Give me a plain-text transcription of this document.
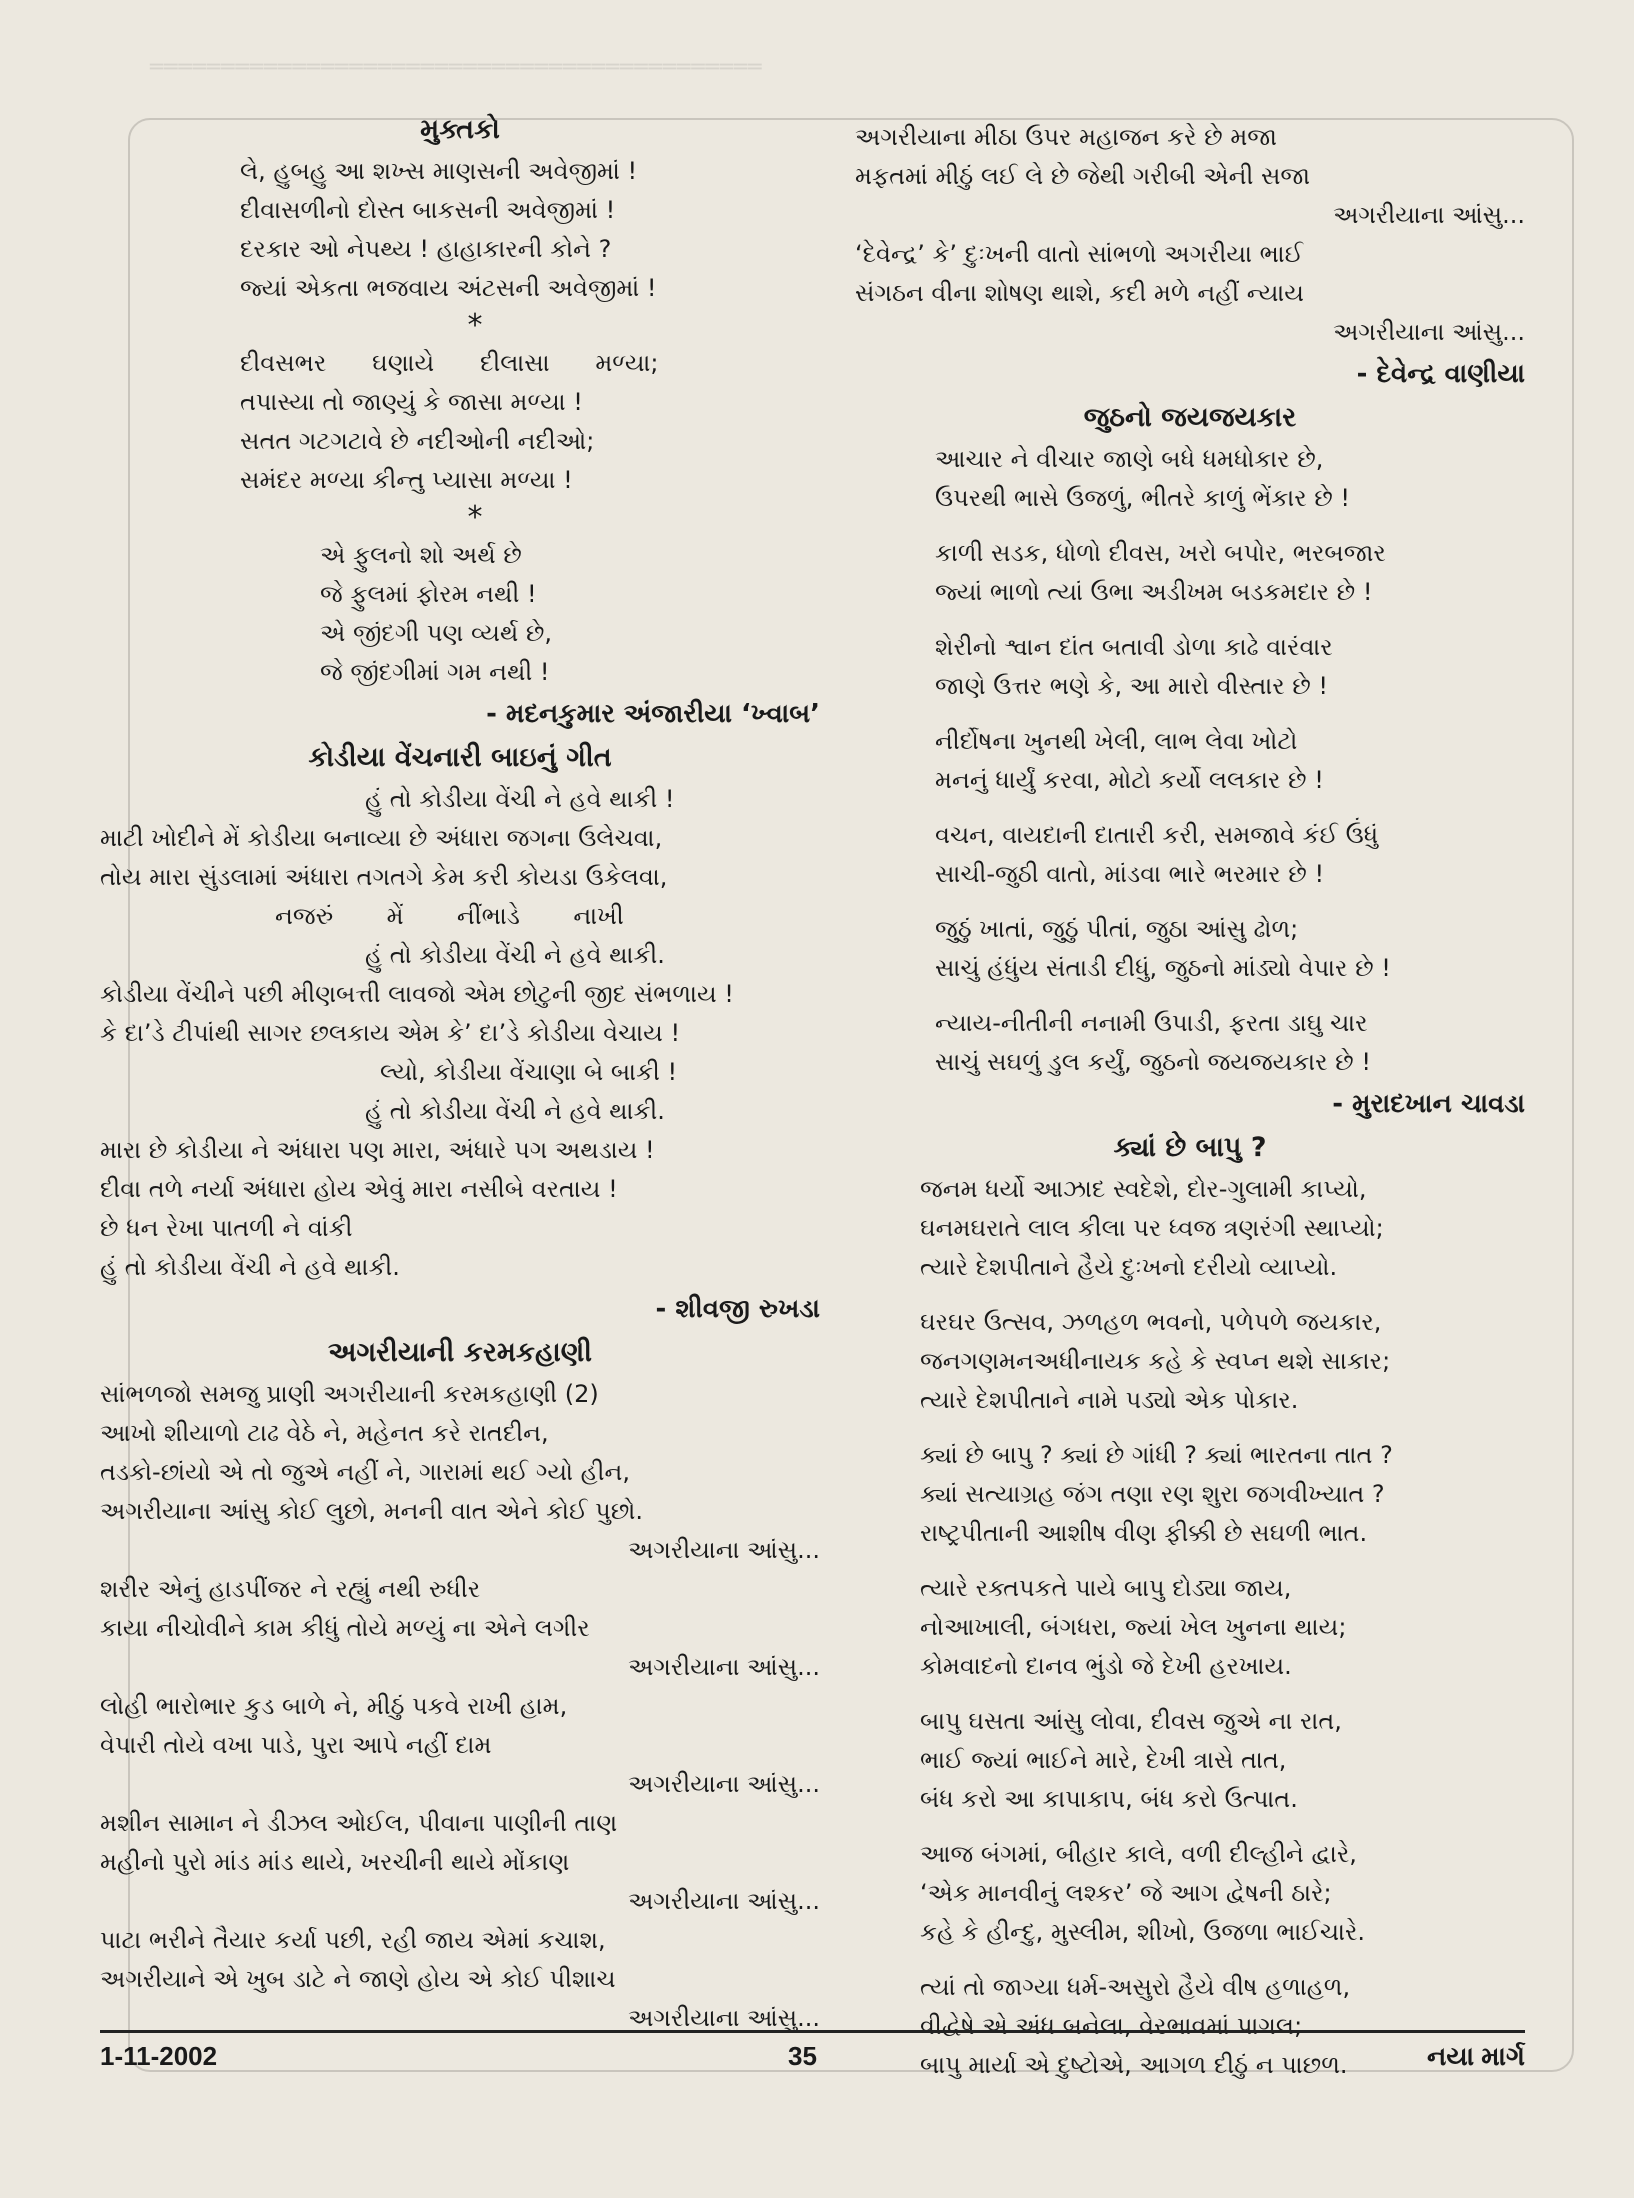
═══════════════════════════════════════════
મુક્તકો
લે, હુબહુ આ શખ્સ માણસની અવેજીમાં !
દીવાસળીનો દોસ્ત બાકસની અવેજીમાં !
દરકાર ઓ નેપથ્ય ! હાહાકારની કોને ?
જ્યાં એકતા ભજવાય અંટસની અવેજીમાં !
*
દીવસભર      ઘણાયે      દીલાસા      મળ્યા;
તપાસ્યા તો જાણ્યું કે જાસા મળ્યા !
સતત ગટગટાવે છે નદીઓની નદીઓ;
સમંદર મળ્યા કીન્તુ પ્યાસા મળ્યા !
*
એ ફુલનો શો અર્થ છે
જે ફુલમાં ફોરમ નથી !
એ જીંદગી પણ વ્યર્થ છે,
જે જીંદગીમાં ગમ નથી !
- મદનકુમાર અંજારીયા ‘ખ્વાબ’
કોડીયા વેંચનારી બાઇનું ગીત
હું તો કોડીયા વેંચી ને હવે થાકી !
માટી ખોદીને મેં કોડીયા બનાવ્યા છે અંધારા જગના ઉલેચવા,
તોય મારા સુંડલામાં અંધારા તગતગે કેમ કરી કોયડા ઉકેલવા,
નજરું       મેં       નીંભાડે       નાખી
હું તો કોડીયા વેંચી ને હવે થાકી.
કોડીયા વેંચીને પછી મીણબત્તી લાવજો એમ છોટુની જીદ સંભળાય !
કે દા’ડે ટીપાંથી સાગર છલકાય એમ કે’ દા’ડે કોડીયા વેચાય !
લ્યો, કોડીયા વેંચાણા બે બાકી !
હું તો કોડીયા વેંચી ને હવે થાકી.
મારા છે કોડીયા ને અંધારા પણ મારા, અંધારે પગ અથડાય !
દીવા તળે નર્યા અંધારા હોય એવું મારા નસીબે વરતાય !
છે ધન રેખા પાતળી ને વાંકી
હું તો કોડીયા વેંચી ને હવે થાકી.
- શીવજી રુખડા
અગરીયાની કરમકહાણી
સાંભળજો સમજુ પ્રાણી અગરીયાની કરમકહાણી (2)
આખો શીયાળો ટાઢ વેઠે ને, મહેનત કરે રાતદીન,
તડકો-છાંયો એ તો જુએ નહીં ને, ગારામાં થઈ ગ્યો હીન,
અગરીયાના આંસુ કોઈ લુછો, મનની વાત એને કોઈ પુછો.
અગરીયાના આંસુ...
શરીર એનું હાડપીંજર ને રહ્યું નથી રુધીર
કાયા નીચોવીને કામ કીધું તોયે મળ્યું ના એને લગીર
અગરીયાના આંસુ...
લોહી ભારોભાર કુડ બાળે ને, મીઠું પકવે રાખી હામ,
વેપારી તોયે વખા પાડે, પુરા આપે નહીં દામ
અગરીયાના આંસુ...
મશીન સામાન ને ડીઝલ ઓઈલ, પીવાના પાણીની તાણ
મહીનો પુરો માંડ માંડ થાયે, ખરચીની થાયે મોંકાણ
અગરીયાના આંસુ...
પાટા ભરીને તૈયાર કર્યા પછી, રહી જાય એમાં કચાશ,
અગરીયાને એ ખુબ ડાટે ને જાણે હોય એ કોઈ પીશાચ
અગરીયાના આંસુ...
અગરીયાના મીઠા ઉપર મહાજન કરે છે મજા
મફતમાં મીઠું લઈ લે છે જેથી ગરીબી એની સજા
અગરીયાના આંસુ...
‘દેવેન્દ્ર’ કે’ દુઃખની વાતો સાંભળો અગરીયા ભાઈ
સંગઠન વીના શોષણ થાશે, કદી મળે નહીં ન્યાય
અગરીયાના આંસુ...
- દેવેન્દ્ર વાણીયા
જુઠનો જયજયકાર
આચાર ને વીચાર જાણે બધે ધમધોકાર છે,
ઉપરથી ભાસે ઉજળું, ભીતરે કાળું ભેંકાર છે !
કાળી સડક, ધોળો દીવસ, ખરો બપોર, ભરબજાર
જ્યાં ભાળો ત્યાં ઉભા અડીખમ બડકમદાર છે !
શેરીનો શ્વાન દાંત બતાવી ડોળા કાઢે વારંવાર
જાણે ઉત્તર ભણે કે, આ મારો વીસ્તાર છે !
નીર્દોષના ખુનથી ખેલી, લાભ લેવા ખોટો
મનનું ધાર્યું કરવા, મોટો કર્યો લલકાર છે !
વચન, વાયદાની દાતારી કરી, સમજાવે કંઈ ઉંધું
સાચી-જુઠી વાતો, માંડવા ભારે ભરમાર છે !
જુઠું ખાતાં, જુઠું પીતાં, જુઠા આંસુ ઢોળ;
સાચું હંધુંય સંતાડી દીધું, જુઠનો માંડ્યો વેપાર છે !
ન્યાય-નીતીની નનામી ઉપાડી, ફરતા ડાઘુ ચાર
સાચું સઘળું ડુલ કર્યું, જુઠનો જયજયકાર છે !
- મુરાદખાન ચાવડા
ક્યાં છે બાપુ ?
જનમ ધર્યો આઝાદ સ્વદેશે, દોર-ગુલામી કાપ્યો,
ઘનમઘરાતે લાલ કીલા પર ધ્વજ ત્રણરંગી સ્થાપ્યો;
ત્યારે દેશપીતાને હૈયે દુઃખનો દરીયો વ્યાપ્યો.
ઘરઘર ઉત્સવ, ઝળહળ ભવનો, પળેપળે જયકાર,
જનગણમનઅધીનાયક કહે કે સ્વપ્ન થશે સાકાર;
ત્યારે દેશપીતાને નામે પડ્યો એક પોકાર.
ક્યાં છે બાપુ ? ક્યાં છે ગાંધી ? ક્યાં ભારતના તાત ?
ક્યાં સત્યાગ્રહ જંગ તણા રણ શુરા જગવીખ્યાત ?
રાષ્ટ્રપીતાની આશીષ વીણ ફીક્કી છે સઘળી ભાત.
ત્યારે રક્તપકતે પાયે બાપુ દોડ્યા જાય,
નોઆખાલી, બંગધરા, જ્યાં ખેલ ખુનના થાય;
કોમવાદનો દાનવ ભુંડો જે દેખી હરખાય.
બાપુ ઘસતા આંસુ લોવા, દીવસ જુએ ના રાત,
ભાઈ જ્યાં ભાઈને મારે, દેખી ત્રાસે તાત,
બંધ કરો આ કાપાકાપ, બંધ કરો ઉત્પાત.
આજ બંગમાં, બીહાર કાલે, વળી દીલ્હીને દ્વારે,
‘એક માનવીનું લશ્કર’ જે આગ દ્વેષની ઠારે;
કહે કે હીન્દુ, મુસ્લીમ, શીખો, ઉજળા ભાઈચારે.
ત્યાં તો જાગ્યા ધર્મ-અસુરો હૈયે વીષ હળાહળ,
વીદ્વેષે એ અંધ બનેલા, વેરભાવમાં પાગલ;
બાપુ માર્યા એ દુષ્ટોએ, આગળ દીઠું ન પાછળ.
1-11-2002	35	નયા માર્ગ
